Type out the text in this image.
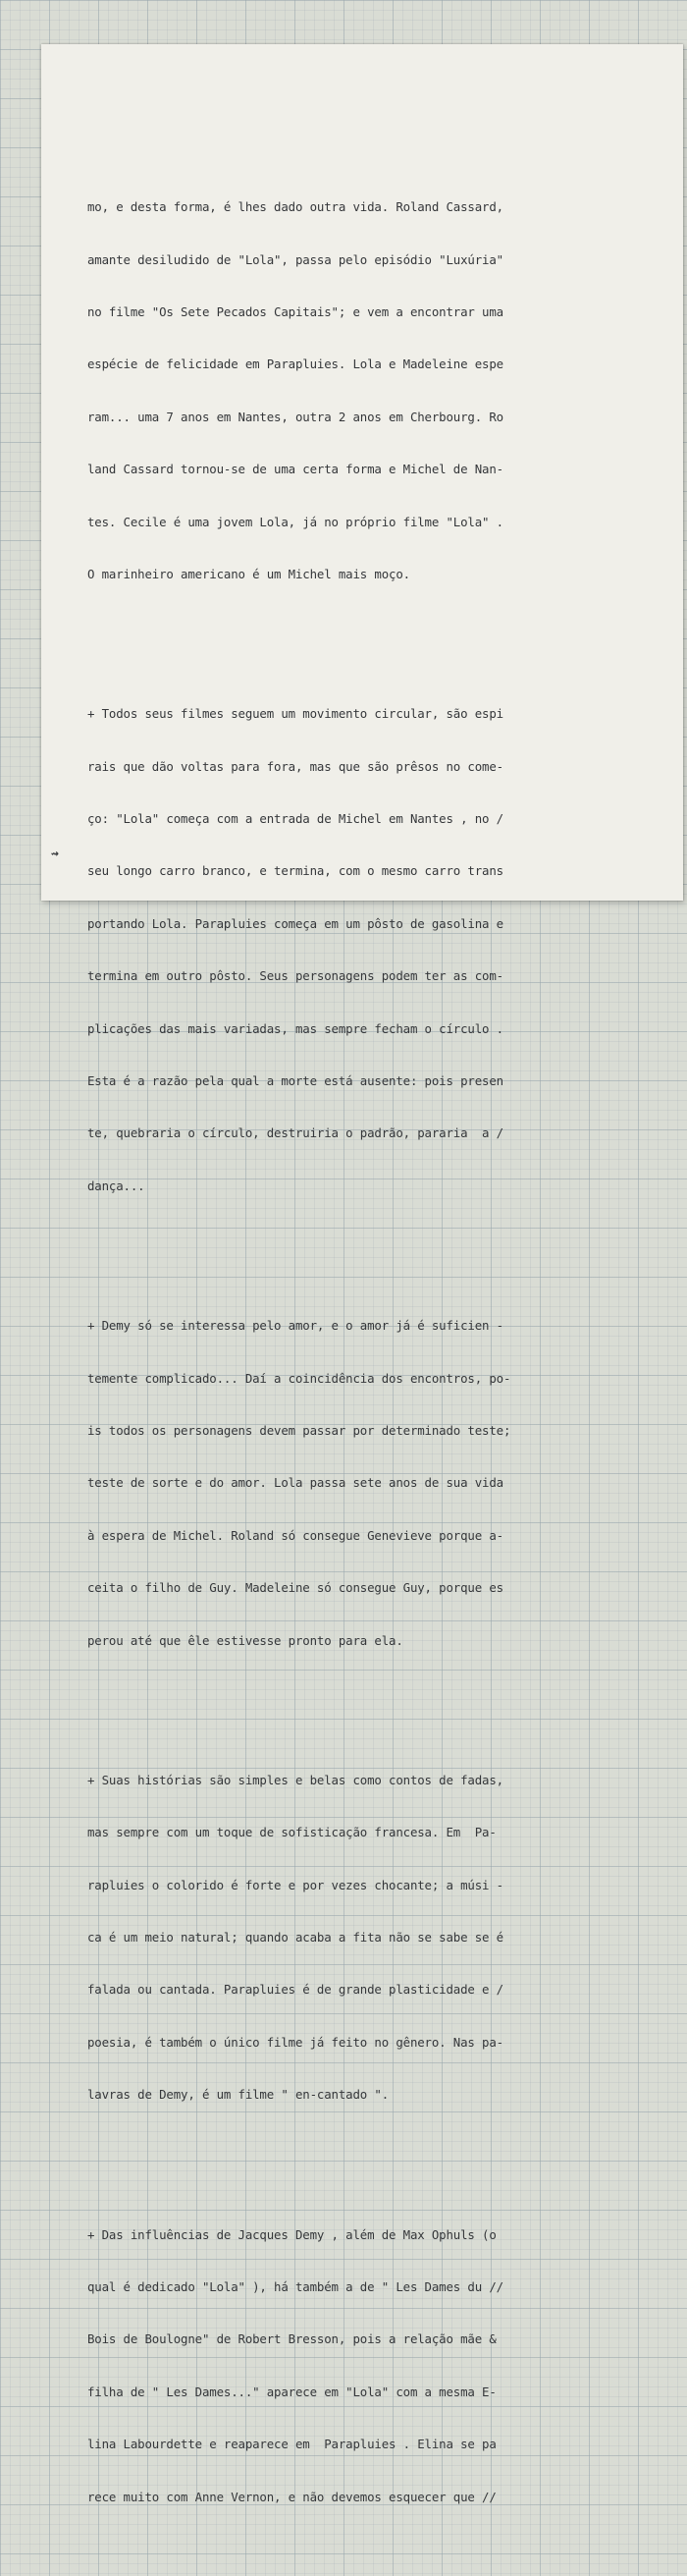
mo, e desta forma, é lhes dado outra vida. Roland Cassard,

amante desiludido de "Lola", passa pelo episódio "Luxúria"

no filme "Os Sete Pecados Capitais"; e vem a encontrar uma

espécie de felicidade em Parapluies. Lola e Madeleine espe

ram... uma 7 anos em Nantes, outra 2 anos em Cherbourg. Ro

land Cassard tornou-se de uma certa forma e Michel de Nan-

tes. Cecile é uma jovem Lola, já no próprio filme "Lola" .

O marinheiro americano é um Michel mais moço.

+ Todos seus filmes seguem um movimento circular, são espi

rais que dão voltas para fora, mas que são prêsos no come-

ço: "Lola" começa com a entrada de Michel em Nantes , no /

seu longo carro branco, e termina, com o mesmo carro trans

portando Lola. Parapluies começa em um pôsto de gasolina e

termina em outro pôsto. Seus personagens podem ter as com-

plicações das mais variadas, mas sempre fecham o círculo .

Esta é a razão pela qual a morte está ausente: pois presen

te, quebraria o círculo, destruiria o padrão, pararia  a /

dança...

+ Demy só se interessa pelo amor, e o amor já é suficien -

temente complicado... Daí a coincidência dos encontros, po-

is todos os personagens devem passar por determinado teste;

teste de sorte e do amor. Lola passa sete anos de sua vida

à espera de Michel. Roland só consegue Genevieve porque a-

ceita o filho de Guy. Madeleine só consegue Guy, porque es

perou até que êle estivesse pronto para ela.

+ Suas histórias são simples e belas como contos de fadas,

mas sempre com um toque de sofisticação francesa. Em  Pa-

rapluies o colorido é forte e por vezes chocante; a músi -

ca é um meio natural; quando acaba a fita não se sabe se é

falada ou cantada. Parapluies é de grande plasticidade e /

poesia, é também o único filme já feito no gênero. Nas pa-

lavras de Demy, é um filme " en-cantado ".

+ Das influências de Jacques Demy , além de Max Ophuls (o

qual é dedicado "Lola" ), há também a de " Les Dames du //

Bois de Boulogne" de Robert Bresson, pois a relação mãe &

filha de " Les Dames..." aparece em "Lola" com a mesma E-

lina Labourdette e reaparece em  Parapluies . Elina se pa

rece muito com Anne Vernon, e não devemos esquecer que //

⇝
